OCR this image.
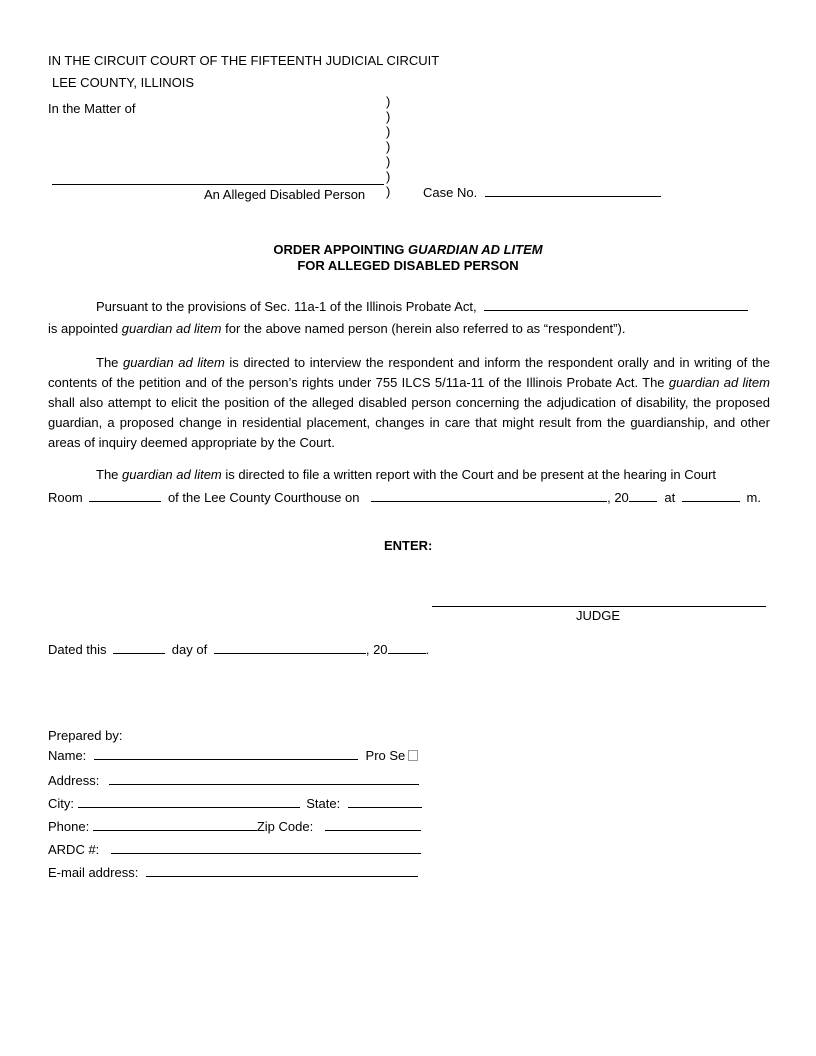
IN THE CIRCUIT COURT OF THE FIFTEENTH JUDICIAL CIRCUIT
LEE COUNTY, ILLINOIS
In the Matter of	)
)
)
)
)
)
)
An Alleged Disabled Person	Case No.
ORDER APPOINTING GUARDIAN AD LITEM
FOR ALLEGED DISABLED PERSON
Pursuant to the provisions of Sec. 11a-1 of the Illinois Probate Act,
is appointed guardian ad litem for the above named person (herein also referred to as “respondent”).
The guardian ad litem is directed to interview the respondent and inform the respondent orally and in writing of the contents of the petition and of the person’s rights under 755 ILCS 5/11a-11 of the Illinois Probate Act. The guardian ad litem shall also attempt to elicit the position of the alleged disabled person concerning the adjudication of disability, the proposed guardian, a proposed change in residential placement, changes in care that might result from the guardianship, and other areas of inquiry deemed appropriate by the Court.
The guardian ad litem is directed to file a written report with the Court and be present at the hearing in Court
Room	of the Lee County Courthouse on	, 20	at	m.
ENTER:
JUDGE
Dated this	day of	, 20	.
Prepared by:
Name:	Pro Se
Address:
City:	State:
Phone:	Zip Code:
ARDC #:
E-mail address:
